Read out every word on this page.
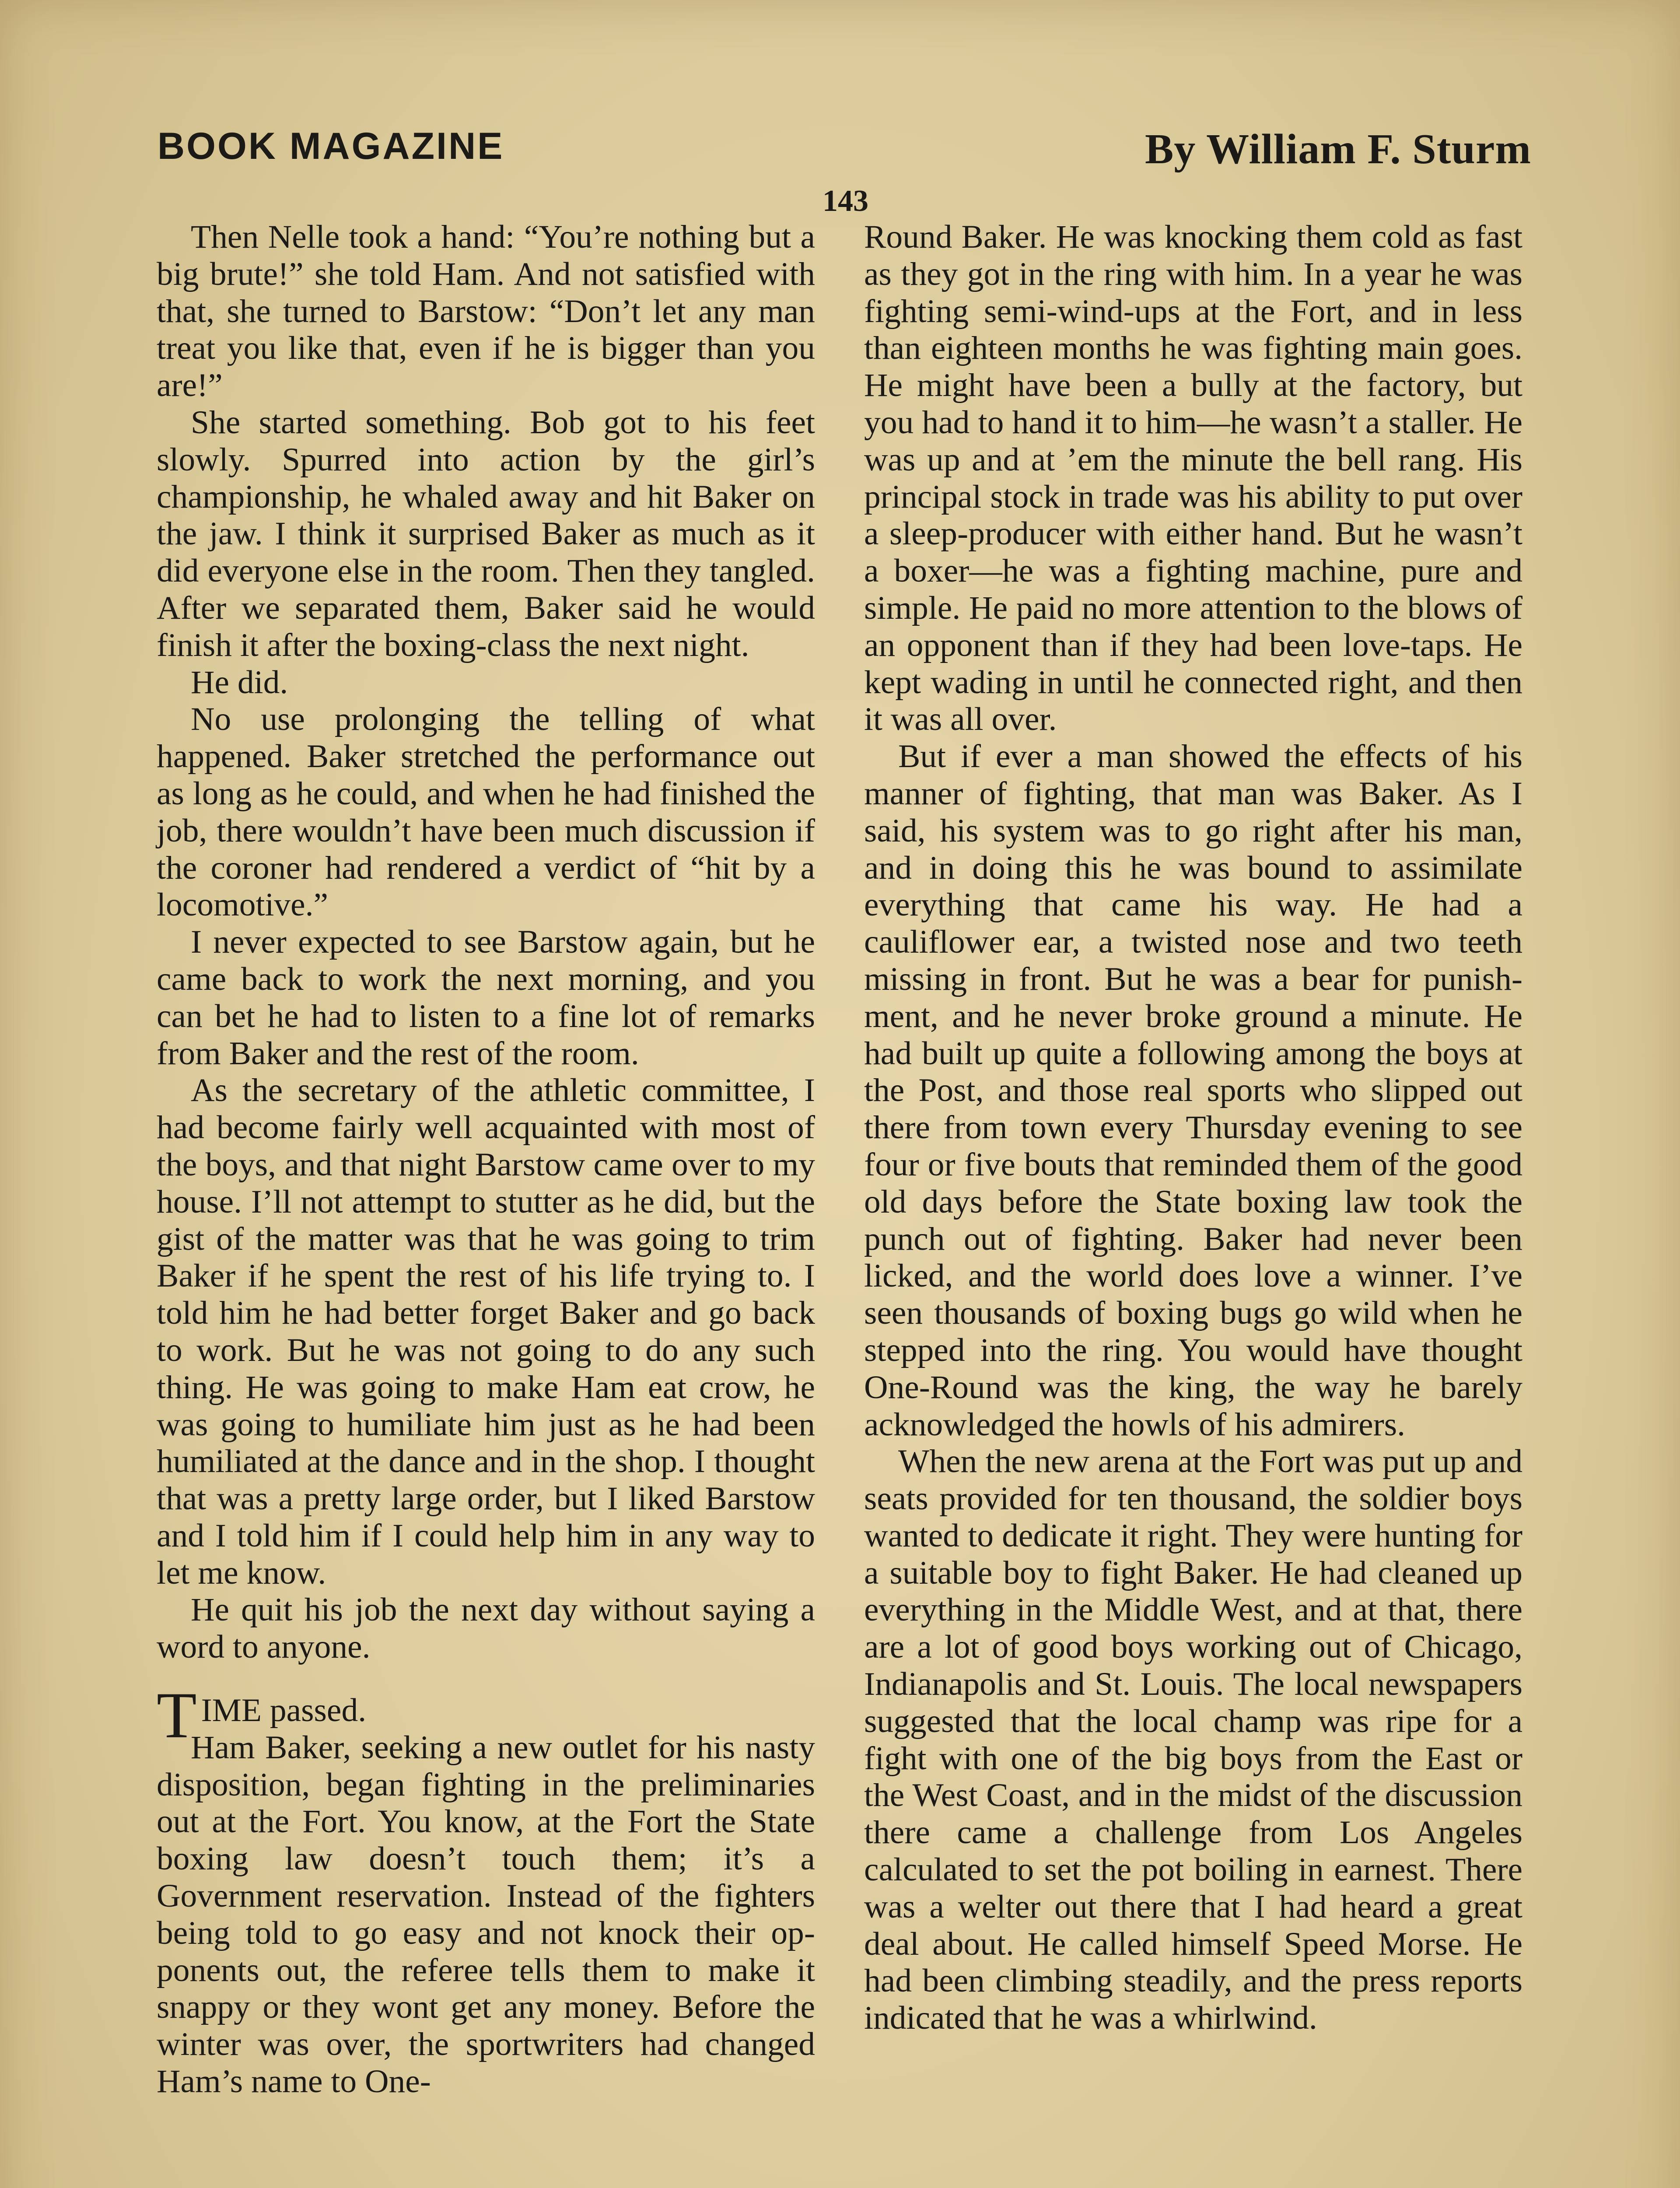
BOOK MAGAZINE	By William F. Sturm
143

Then Nelle took a hand: “You’re nothing but a big brute!” she told Ham. And not satisfied with that, she turned to Barstow: “Don’t let any man treat you like that, even if he is bigger than you are!”

She started something. Bob got to his feet slowly. Spurred into action by the girl’s championship, he whaled away and hit Baker on the jaw. I think it surprised Baker as much as it did everyone else in the room. Then they tangled. After we separated them, Baker said he would finish it after the boxing-class the next night.

He did.

No use prolonging the telling of what happened. Baker stretched the performance out as long as he could, and when he had finished the job, there wouldn’t have been much discussion if the coroner had rendered a verdict of “hit by a locomotive.”

I never expected to see Barstow again, but he came back to work the next morning, and you can bet he had to listen to a fine lot of remarks from Baker and the rest of the room.

As the secretary of the athletic committee, I had become fairly well acquainted with most of the boys, and that night Barstow came over to my house. I’ll not attempt to stutter as he did, but the gist of the matter was that he was going to trim Baker if he spent the rest of his life trying to. I told him he had better forget Baker and go back to work. But he was not going to do any such thing. He was going to make Ham eat crow, he was going to humiliate him just as he had been humiliated at the dance and in the shop. I thought that was a pretty large order, but I liked Barstow and I told him if I could help him in any way to let me know.

He quit his job the next day without saying a word to anyone.

TIME passed.

Ham Baker, seeking a new outlet for his nasty disposition, began fighting in the preliminaries out at the Fort. You know, at the Fort the State boxing law doesn’t touch them; it’s a Government reservation. Instead of the fighters being told to go easy and not knock their opponents out, the referee tells them to make it snappy or they wont get any money. Before the winter was over, the sportwriters had changed Ham’s name to One-

Round Baker. He was knocking them cold as fast as they got in the ring with him. In a year he was fighting semi-wind-ups at the Fort, and in less than eighteen months he was fighting main goes. He might have been a bully at the factory, but you had to hand it to him—he wasn’t a staller. He was up and at ’em the minute the bell rang. His principal stock in trade was his ability to put over a sleep-producer with either hand. But he wasn’t a boxer—he was a fighting machine, pure and simple. He paid no more attention to the blows of an opponent than if they had been love-taps. He kept wading in until he connected right, and then it was all over.

But if ever a man showed the effects of his manner of fighting, that man was Baker. As I said, his system was to go right after his man, and in doing this he was bound to assimilate everything that came his way. He had a cauliflower ear, a twisted nose and two teeth missing in front. But he was a bear for punishment, and he never broke ground a minute. He had built up quite a following among the boys at the Post, and those real sports who slipped out there from town every Thursday evening to see four or five bouts that reminded them of the good old days before the State boxing law took the punch out of fighting. Baker had never been licked, and the world does love a winner. I’ve seen thousands of boxing bugs go wild when he stepped into the ring. You would have thought One-Round was the king, the way he barely acknowledged the howls of his admirers.

When the new arena at the Fort was put up and seats provided for ten thousand, the soldier boys wanted to dedicate it right. They were hunting for a suitable boy to fight Baker. He had cleaned up everything in the Middle West, and at that, there are a lot of good boys working out of Chicago, Indianapolis and St. Louis. The local newspapers suggested that the local champ was ripe for a fight with one of the big boys from the East or the West Coast, and in the midst of the discussion there came a challenge from Los Angeles calculated to set the pot boiling in earnest. There was a welter out there that I had heard a great deal about. He called himself Speed Morse. He had been climbing steadily, and the press reports indicated that he was a whirlwind.
